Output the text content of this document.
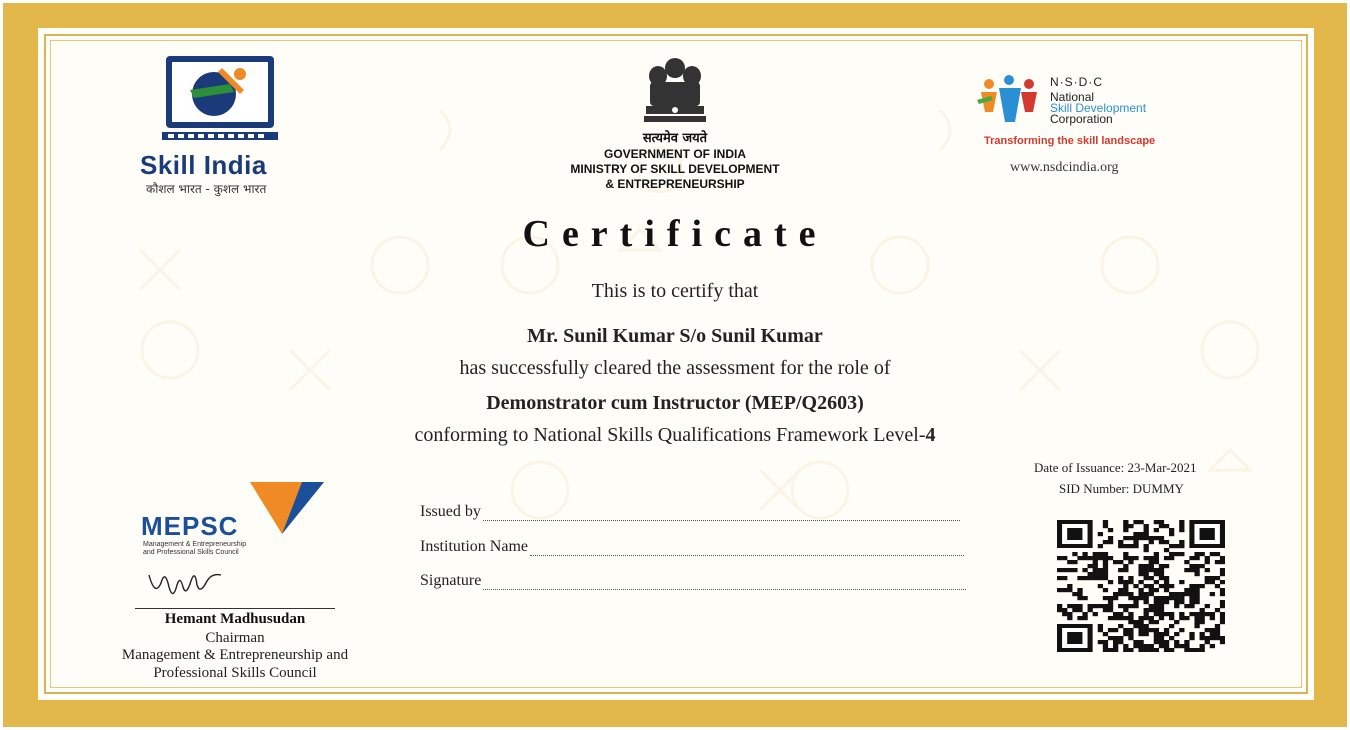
Skill India
कौशल भारत - कुशल भारत
सत्यमेव जयते
GOVERNMENT OF INDIA
MINISTRY OF SKILL DEVELOPMENT
& ENTREPRENEURSHIP
N·S·D·C
National
Skill Development
Corporation
Transforming the skill landscape
www.nsdcindia.org
Certificate
This is to certify that
Mr. Sunil Kumar S/o Sunil Kumar
has successfully cleared the assessment for the role of
Demonstrator cum Instructor (MEP/Q2603)
conforming to National Skills Qualifications Framework Level-4
Date of Issuance: 23-Mar-2021
SID Number: DUMMY
Issued by
Institution Name
Signature
MEPSC
Management & Entrepreneurship
and Professional Skills Council
Hemant Madhusudan
Chairman
Management & Entrepreneurship and
Professional Skills Council
